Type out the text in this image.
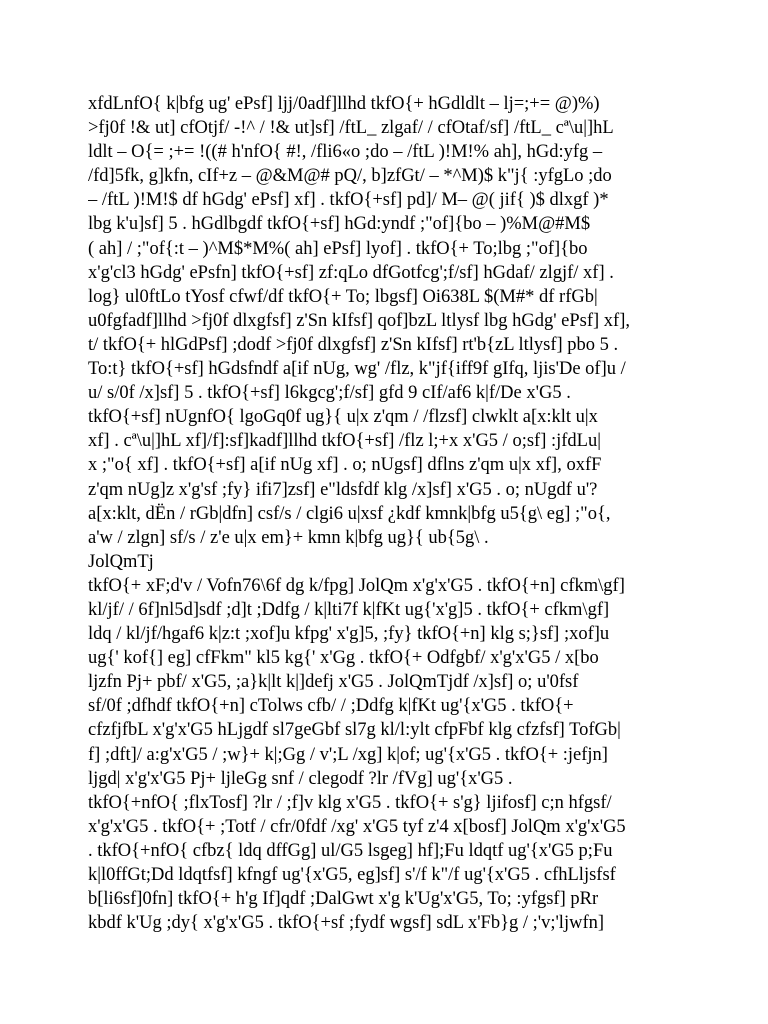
xfdLnfO{ k|bfg ug' ePsf] ljj/0adf]llhd tkfO{+ hGdldlt – lj=;+= @)%)
>fj0f !& ut] cfOtjf/ -!^ / !& ut]sf] /ftL_ zlgaf/ / cfOtaf/sf] /ftL_ cª\u|]hL
ldlt – O{= ;+= !((# h'nfO{ #!, /fli6«o ;do – /ftL )!M!% ah], hGd:yfg –
/fd]5fk, g]kfn, cIf+z – @&M@# pQ/, b]zfGt/ – *^M)$ k"j{ :yfgLo ;do
– /ftL )!M!$ df hGdg' ePsf] xf] . tkfO{+sf] pd]/ M– @( jif{ )$ dlxgf )*
lbg k'u]sf] 5 . hGdlbgdf tkfO{+sf] hGd:yndf ;"of]{bo – )%M@#M$
( ah] / ;"of{:t – )^M$*M%( ah] ePsf] lyof] . tkfO{+ To;lbg ;"of]{bo
x'g'cl3 hGdg' ePsfn] tkfO{+sf] zf:qLo dfGotfcg';f/sf] hGdaf/ zlgjf/ xf] .
log} ul0ftLo tYosf cfwf/df tkfO{+ To; lbgsf] Oi638L $(M#* df rfGb|
u0fgfadf]llhd >fj0f dlxgfsf] z'Sn kIfsf] qof]bzL ltlysf lbg hGdg' ePsf] xf],
t/ tkfO{+ hlGdPsf] ;dodf >fj0f dlxgfsf] z'Sn kIfsf] rt'b{zL ltlysf] pbo 5 .
To:t} tkfO{+sf] hGdsfndf a[if nUg, wg' /flz, k"jf{iff9f gIfq, ljis'De of]u /
u/ s/0f /x]sf] 5 . tkfO{+sf] l6kgcg';f/sf] gfd 9 cIf/af6 k|f/De x'G5 .
tkfO{+sf] nUgnfO{ lgoGq0f ug}{ u|x z'qm / /flzsf] clwklt a[x:klt u|x
xf] . cª\u|]hL xf]/f]:sf]kadf]llhd tkfO{+sf] /flz l;+x x'G5 / o;sf] :jfdLu|
x ;"o{ xf] . tkfO{+sf] a[if nUg xf] . o; nUgsf] dflns z'qm u|x xf], oxfF
z'qm nUg]z x'g'sf ;fy} ifi7]zsf] e"ldsfdf klg /x]sf] x'G5 . o; nUgdf u'?
a[x:klt, dËn / rGb|dfn] csf/s / clgi6 u|xsf ¿kdf kmnk|bfg u5{g\ eg] ;"o{,
a'w / zlgn] sf/s / z'e u|x em}+ kmn k|bfg ug}{ ub{5g\ .
JolQmTj
tkfO{+ xF;d'v / Vofn76\6f dg k/fpg] JolQm x'g'x'G5 . tkfO{+n] cfkm\gf]
kl/jf/ / 6f]nl5d]sdf ;d]t ;Ddfg / k|lti7f k|fKt ug{'x'g]5 . tkfO{+ cfkm\gf]
ldq / kl/jf/hgaf6 k|z:t ;xof]u kfpg' x'g]5, ;fy} tkfO{+n] klg s;}sf] ;xof]u
ug{' kof{] eg] cfFkm" kl5 kg{' x'Gg . tkfO{+ Odfgbf/ x'g'x'G5 / x[bo
ljzfn Pj+ pbf/ x'G5, ;a}k|lt k|]defj x'G5 . JolQmTjdf /x]sf] o; u'0fsf
sf/0f ;dfhdf tkfO{+n] cTolws cfb/ / ;Ddfg k|fKt ug'{x'G5 . tkfO{+
cfzfjfbL x'g'x'G5 hLjgdf sl7geGbf sl7g kl/l:ylt cfpFbf klg cfzfsf] TofGb|
f] ;dft]/ a:g'x'G5 / ;w}+ k|;Gg / v';L /xg] k|of; ug'{x'G5 . tkfO{+ :jefjn]
ljgd| x'g'x'G5 Pj+ ljleGg snf / clegodf ?lr /fVg] ug'{x'G5 .
tkfO{+nfO{ ;flxTosf] ?lr / ;f]v klg x'G5 . tkfO{+ s'g} ljifosf] c;n hfgsf/
x'g'x'G5 . tkfO{+ ;Totf / cfr/0fdf /xg' x'G5 tyf z'4 x[bosf] JolQm x'g'x'G5
. tkfO{+nfO{ cfbz{ ldq dffGg] ul/G5 lsgeg] hf];Fu ldqtf ug'{x'G5 p;Fu
k|l0ffGt;Dd ldqtfsf] kfngf ug'{x'G5, eg]sf] s'/f k"/f ug'{x'G5 . cfhLljsfsf
b[li6sf]0fn] tkfO{+ h'g If]qdf ;DalGwt x'g k'Ug'x'G5, To; :yfgsf] pRr
kbdf k'Ug ;dy{ x'g'x'G5 . tkfO{+sf ;fydf wgsf] sdL x'Fb}g / ;'v;'ljwfn]
